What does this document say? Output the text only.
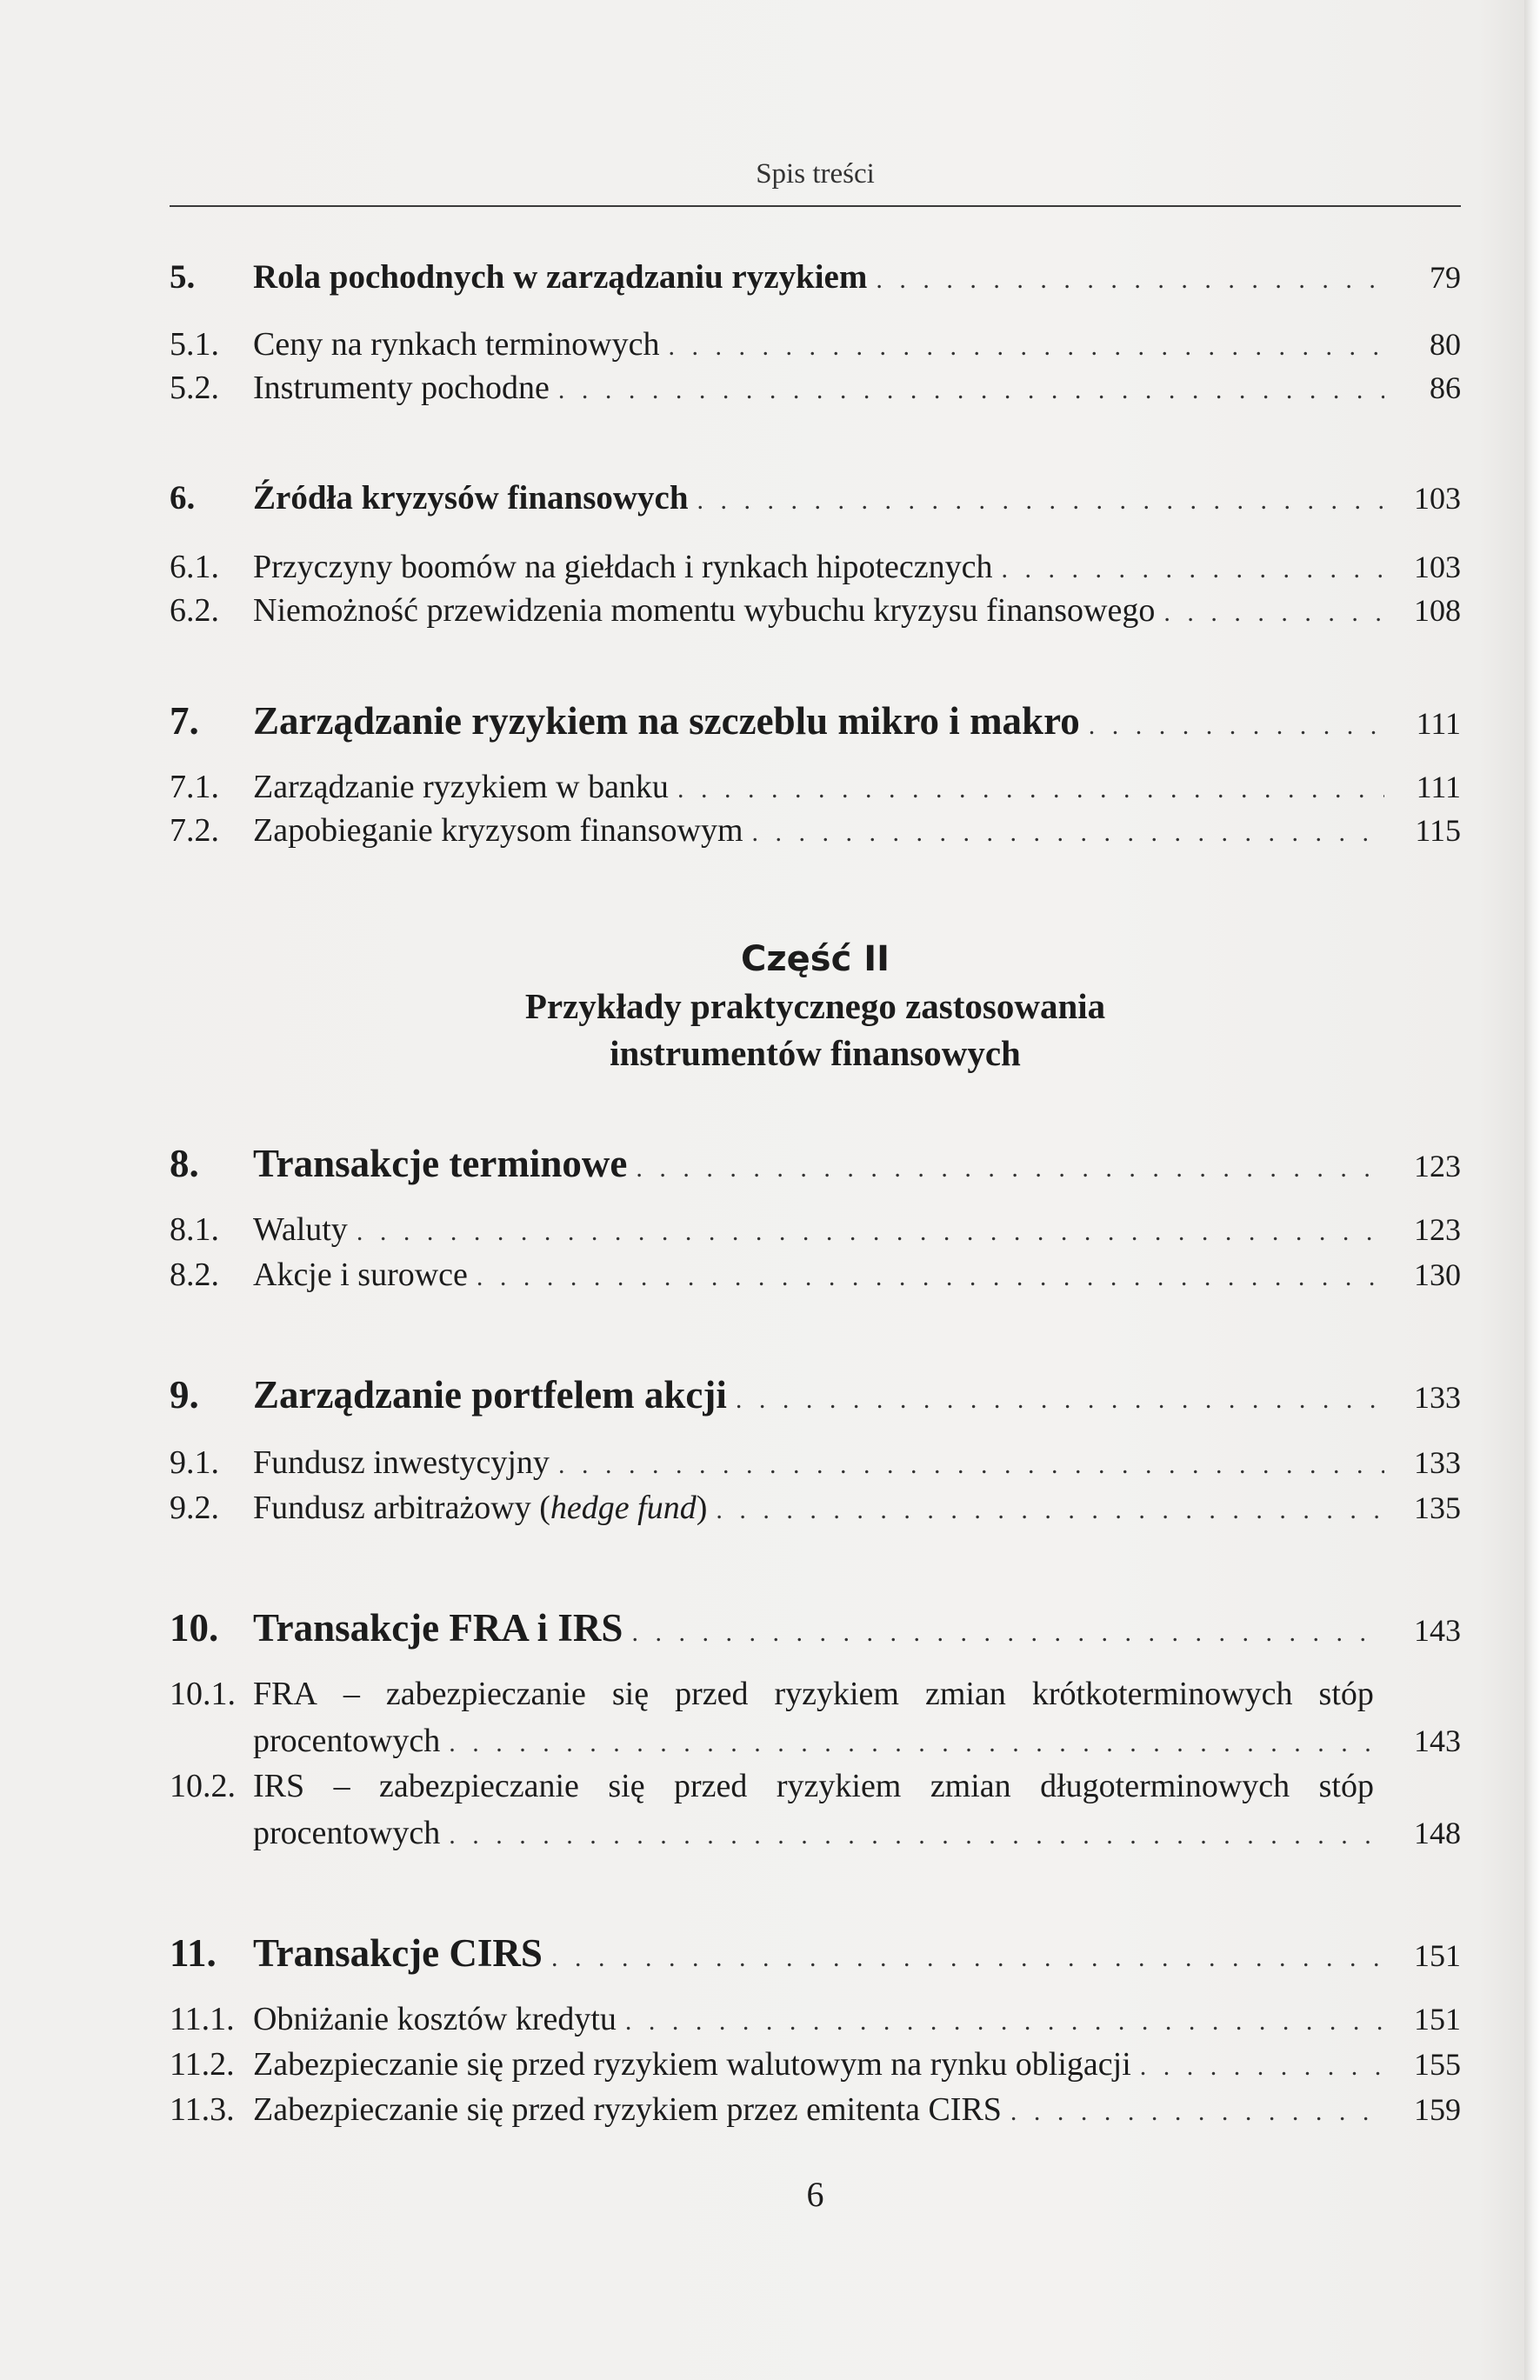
Spis treści
5.	Rola pochodnych w zarządzaniu ryzykiem . . .	79
5.1.	Ceny na rynkach terminowych . . .	80
5.2.	Instrumenty pochodne . . .	86
6.	Źródła kryzysów finansowych . . .	103
6.1.	Przyczyny boomów na giełdach i rynkach hipotecznych . . .	103
6.2.	Niemożność przewidzenia momentu wybuchu kryzysu finansowego . . .	108
7.	Zarządzanie ryzykiem na szczeblu mikro i makro . . .	111
7.1.	Zarządzanie ryzykiem w banku . . .	111
7.2.	Zapobieganie kryzysom finansowym . . .	115
Część II
Przykłady praktycznego zastosowania
instrumentów finansowych
8.	Transakcje terminowe . . .	123
8.1.	Waluty . . .	123
8.2.	Akcje i surowce . . .	130
9.	Zarządzanie portfelem akcji . . .	133
9.1.	Fundusz inwestycyjny . . .	133
9.2.	Fundusz arbitrażowy (hedge fund) . . .	135
10. Transakcje FRA i IRS . . .	143
10.1. FRA – zabezpieczanie się przed ryzykiem zmian krótkoterminowych stóp
procentowych . . .	143
10.2. IRS – zabezpieczanie się przed ryzykiem zmian długoterminowych stóp
procentowych . . .	148
11. Transakcje CIRS . . .	151
11.1. Obniżanie kosztów kredytu . . .	151
11.2. Zabezpieczanie się przed ryzykiem walutowym na rynku obligacji . . .	155
11.3. Zabezpieczanie się przed ryzykiem przez emitenta CIRS . . .	159
6
